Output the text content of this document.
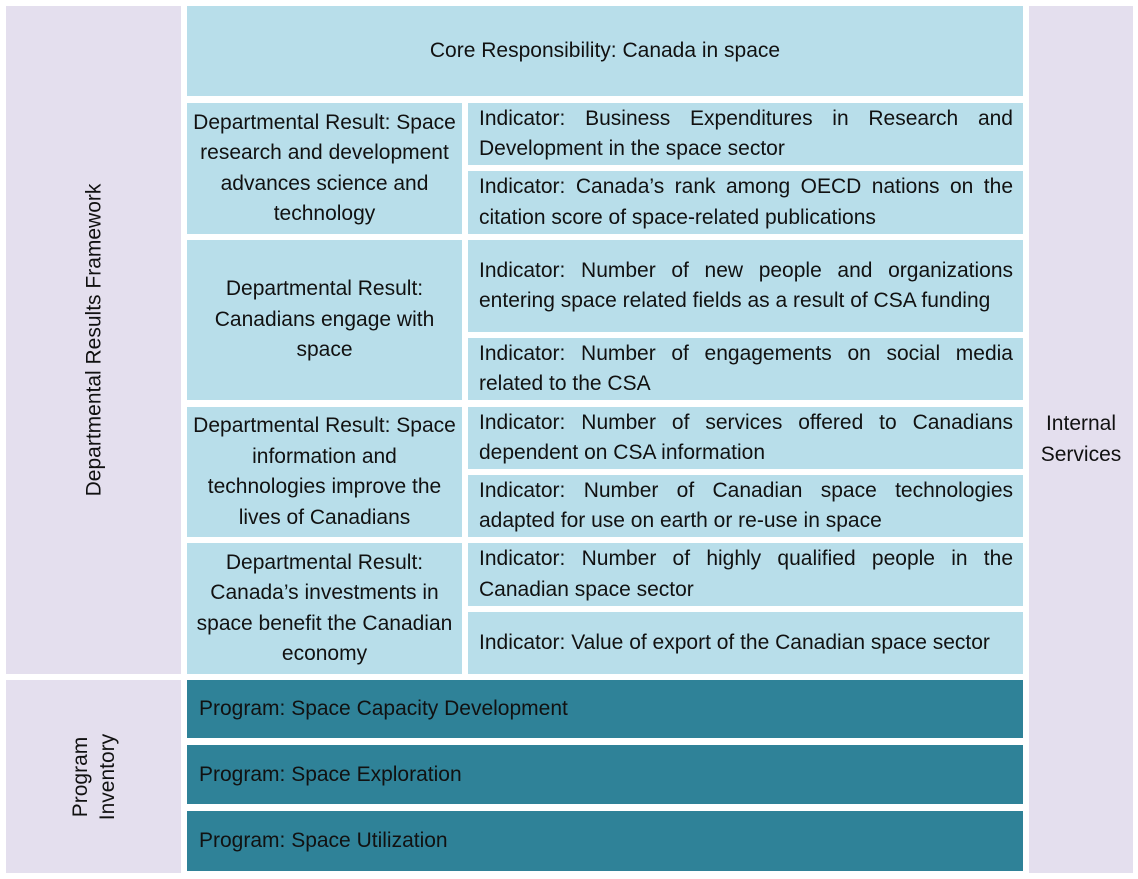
Departmental Results Framework
Program Inventory
Internal Services
Core Responsibility: Canada in space
Departmental Result: Space research and development advances science and technology
Departmental Result: Canadians engage with space
Departmental Result: Space information and technologies improve the lives of Canadians
Departmental Result: Canada’s investments in space benefit the Canadian economy
Indicator: Business Expenditures in Research and Development in the space sector
Indicator: Canada’s rank among OECD nations on the citation score of space-related publications
Indicator: Number of new people and organizations entering space related fields as a result of CSA funding
Indicator: Number of engagements on social media related to the CSA
Indicator: Number of services offered to Canadians dependent on CSA information
Indicator: Number of Canadian space technologies adapted for use on earth or re-use in space
Indicator: Number of highly qualified people in the Canadian space sector
Indicator: Value of export of the Canadian space sector
Program: Space Capacity Development
Program: Space Exploration
Program: Space Utilization
